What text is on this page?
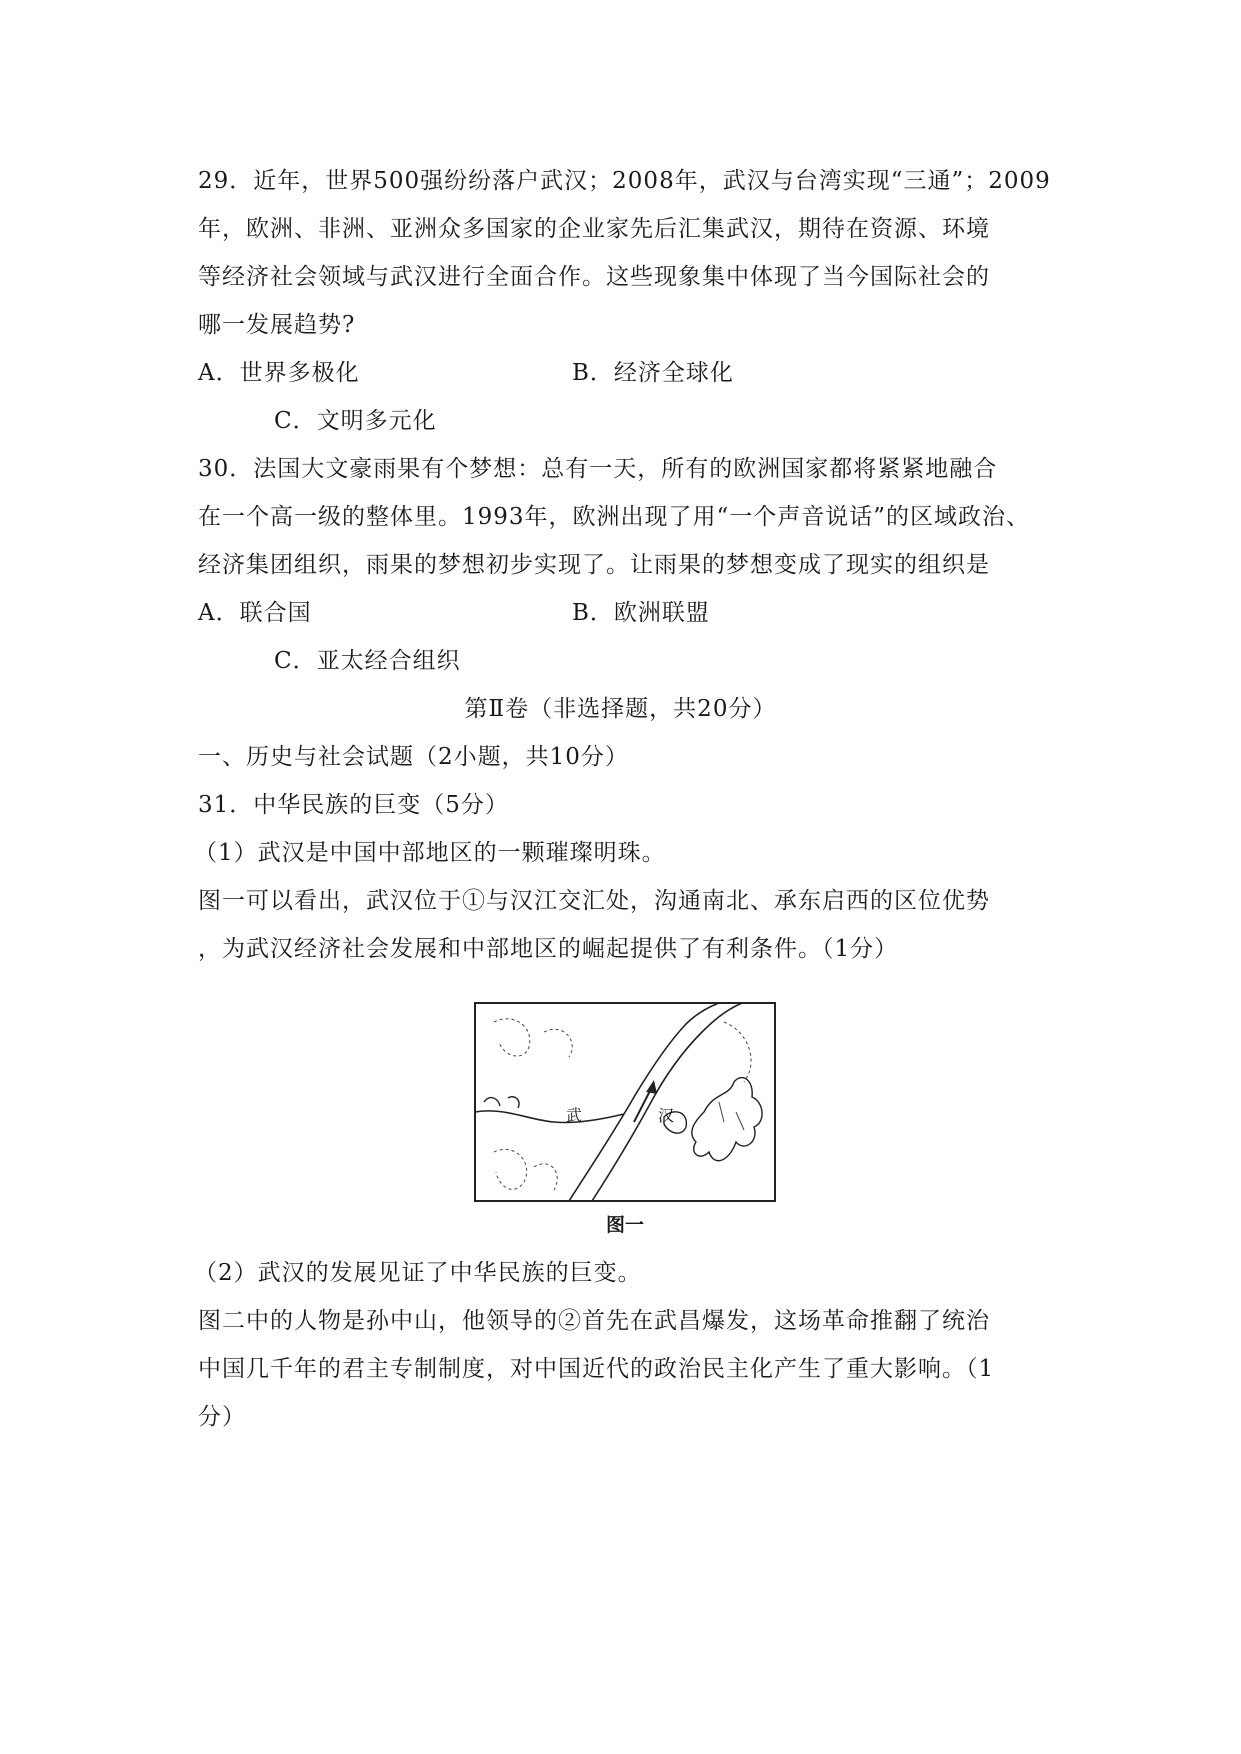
29．近年，世界500强纷纷落户武汉；2008年，武汉与台湾实现“三通”；2009
年，欧洲、非洲、亚洲众多国家的企业家先后汇集武汉，期待在资源、环境
等经济社会领域与武汉进行全面合作。这些现象集中体现了当今国际社会的
哪一发展趋势?
A．世界多极化	B．经济全球化
C．文明多元化
30．法国大文豪雨果有个梦想：总有一天，所有的欧洲国家都将紧紧地融合
在一个高一级的整体里。1993年，欧洲出现了用“一个声音说话”的区域政治、
经济集团组织，雨果的梦想初步实现了。让雨果的梦想变成了现实的组织是
A．联合国	B．欧洲联盟
C．亚太经合组织
第Ⅱ卷（非选择题，共20分）
一、历史与社会试题（2小题，共10分）
31．中华民族的巨变（5分）
（1）武汉是中国中部地区的一颗璀璨明珠。
图一可以看出，武汉位于①与汉江交汇处，沟通南北、承东启西的区位优势
，为武汉经济社会发展和中部地区的崛起提供了有利条件。（1分）
武	汉
图一
（2）武汉的发展见证了中华民族的巨变。
图二中的人物是孙中山，他领导的②首先在武昌爆发，这场革命推翻了统治
中国几千年的君主专制制度，对中国近代的政治民主化产生了重大影响。（1
分）
